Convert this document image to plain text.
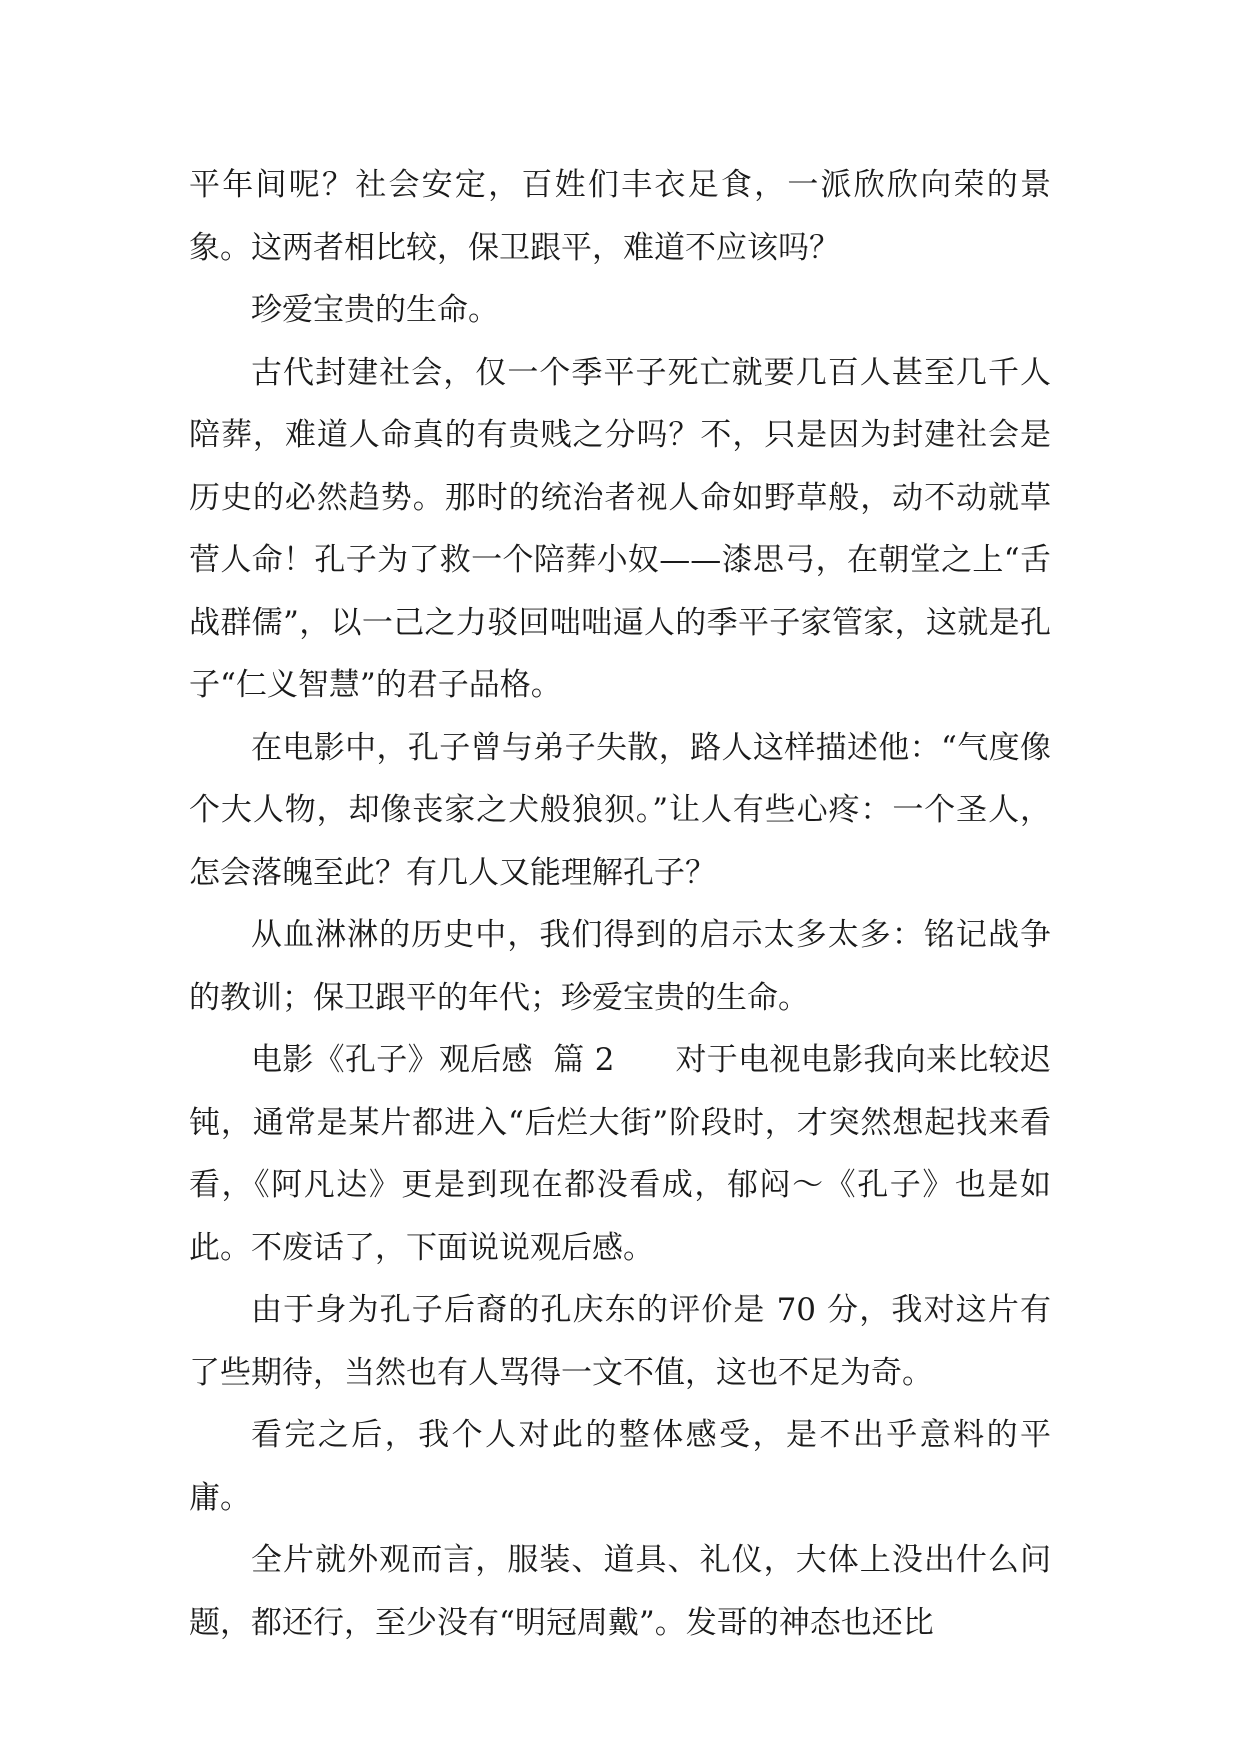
平年间呢？社会安定，百姓们丰衣足食，一派欣欣向荣的景象。这两者相比较，保卫跟平，难道不应该吗？

珍爱宝贵的生命。

古代封建社会，仅一个季平子死亡就要几百人甚至几千人陪葬，难道人命真的有贵贱之分吗？不，只是因为封建社会是历史的必然趋势。那时的统治者视人命如野草般，动不动就草菅人命！孔子为了救一个陪葬小奴——漆思弓，在朝堂之上“舌战群儒”，以一己之力驳回咄咄逼人的季平子家管家，这就是孔子“仁义智慧”的君子品格。

在电影中，孔子曾与弟子失散，路人这样描述他：“气度像个大人物，却像丧家之犬般狼狈。”让人有些心疼：一个圣人，怎会落魄至此？有几人又能理解孔子？

从血淋淋的历史中，我们得到的启示太多太多：铭记战争的教训；保卫跟平的年代；珍爱宝贵的生命。

电影《孔子》观后感  篇 2      对于电视电影我向来比较迟钝，通常是某片都进入“后烂大街”阶段时，才突然想起找来看看，《阿凡达》更是到现在都没看成，郁闷～《孔子》也是如此。不废话了，下面说说观后感。

由于身为孔子后裔的孔庆东的评价是 70 分，我对这片有了些期待，当然也有人骂得一文不值，这也不足为奇。

看完之后，我个人对此的整体感受，是不出乎意料的平庸。

全片就外观而言，服装、道具、礼仪，大体上没出什么问题，都还行，至少没有“明冠周戴”。发哥的神态也还比
